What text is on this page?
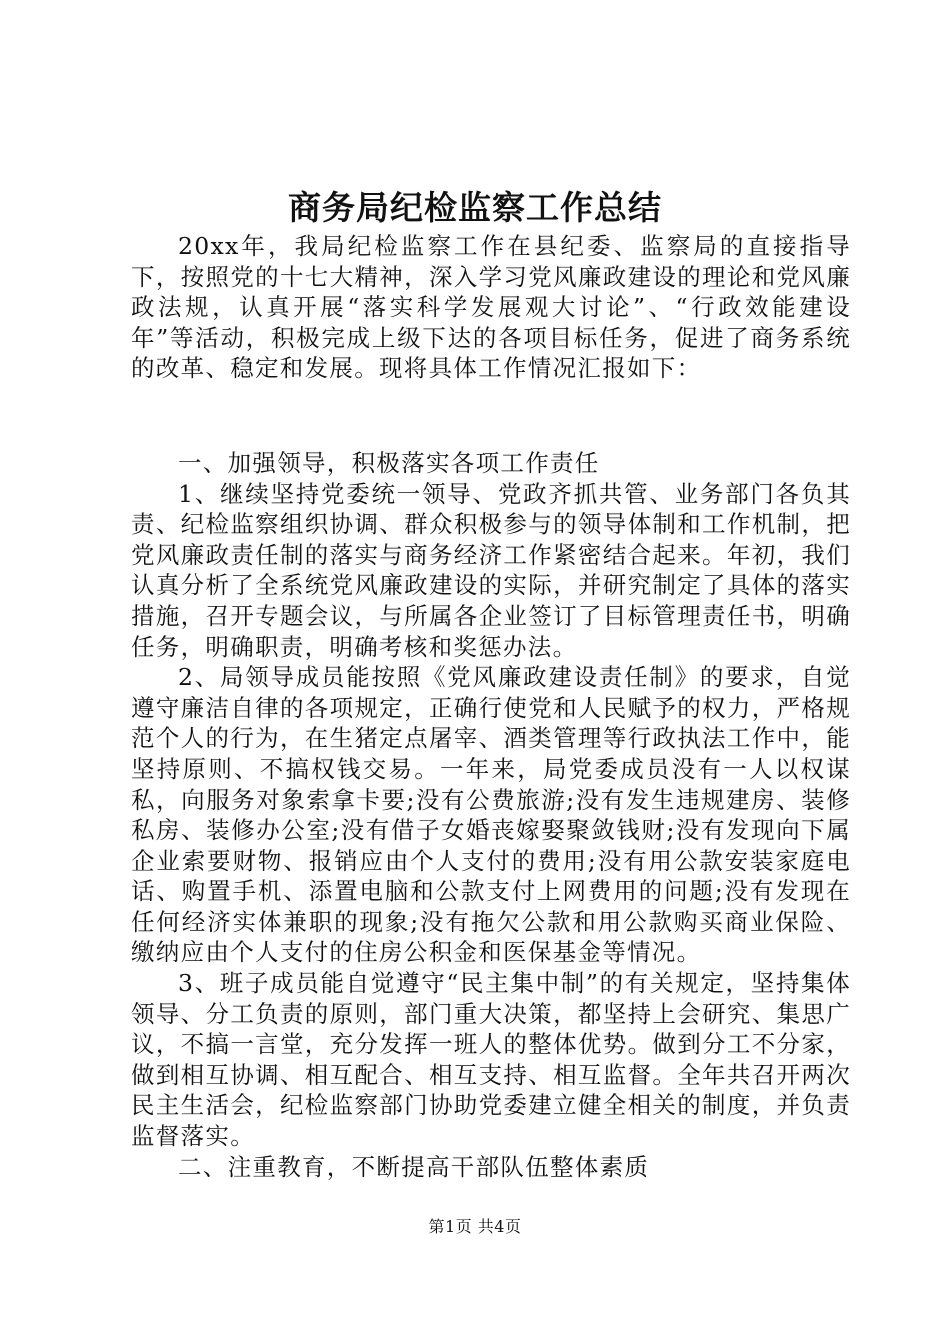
商务局纪检监察工作总结

20xx年，我局纪检监察工作在县纪委、监察局的直接指导下，按照党的十七大精神，深入学习党风廉政建设的理论和党风廉政法规，认真开展“落实科学发展观大讨论”、“行政效能建设年”等活动，积极完成上级下达的各项目标任务，促进了商务系统的改革、稳定和发展。现将具体工作情况汇报如下：

一、加强领导，积极落实各项工作责任

1、继续坚持党委统一领导、党政齐抓共管、业务部门各负其责、纪检监察组织协调、群众积极参与的领导体制和工作机制，把党风廉政责任制的落实与商务经济工作紧密结合起来。年初，我们认真分析了全系统党风廉政建设的实际，并研究制定了具体的落实措施，召开专题会议，与所属各企业签订了目标管理责任书，明确任务，明确职责，明确考核和奖惩办法。

2、局领导成员能按照《党风廉政建设责任制》的要求，自觉遵守廉洁自律的各项规定，正确行使党和人民赋予的权力，严格规范个人的行为，在生猪定点屠宰、酒类管理等行政执法工作中，能坚持原则、不搞权钱交易。一年来，局党委成员没有一人以权谋私，向服务对象索拿卡要;没有公费旅游;没有发生违规建房、装修私房、装修办公室;没有借子女婚丧嫁娶聚敛钱财;没有发现向下属企业索要财物、报销应由个人支付的费用;没有用公款安装家庭电话、购置手机、添置电脑和公款支付上网费用的问题;没有发现在任何经济实体兼职的现象;没有拖欠公款和用公款购买商业保险、缴纳应由个人支付的住房公积金和医保基金等情况。

3、班子成员能自觉遵守“民主集中制”的有关规定，坚持集体领导、分工负责的原则，部门重大决策，都坚持上会研究、集思广议，不搞一言堂，充分发挥一班人的整体优势。做到分工不分家，做到相互协调、相互配合、相互支持、相互监督。全年共召开两次民主生活会，纪检监察部门协助党委建立健全相关的制度，并负责监督落实。

二、注重教育，不断提高干部队伍整体素质

第1页 共4页
